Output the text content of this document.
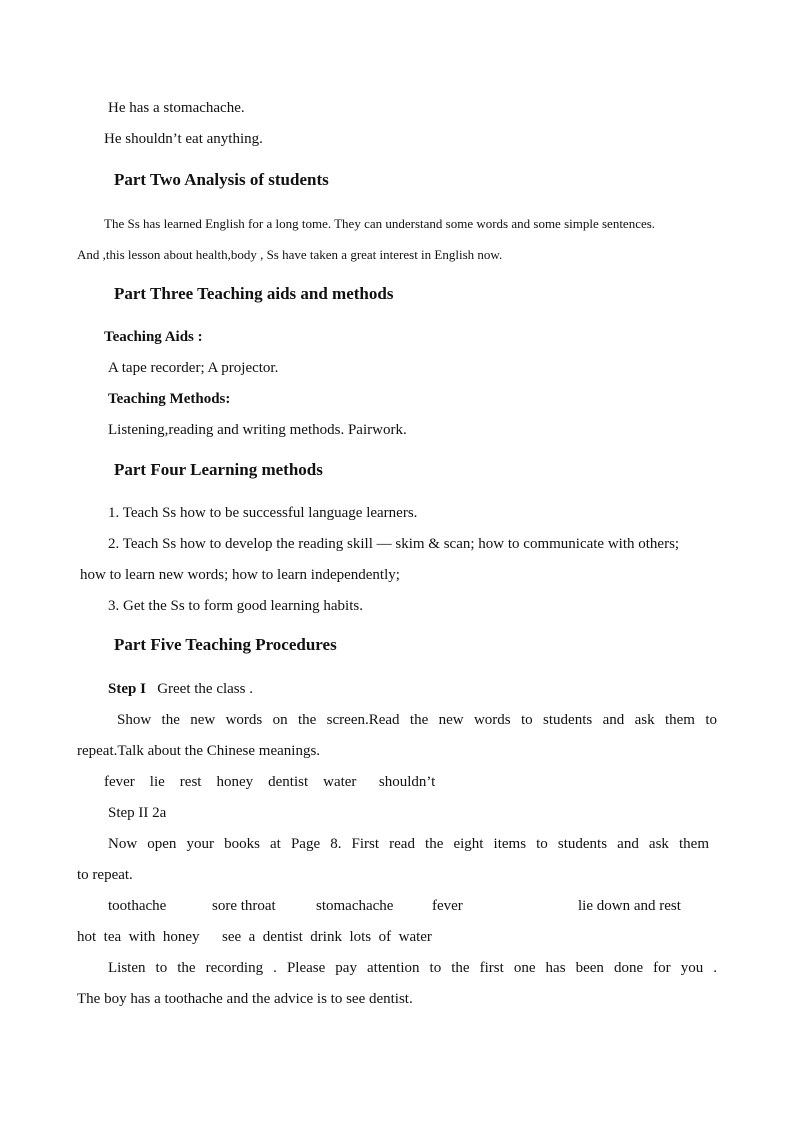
He has a stomachache.
He shouldn’t eat anything.
Part Two Analysis of students
The Ss has learned English for a long tome. They can understand some words and some simple sentences.
And ,this lesson about health,body , Ss have taken a great interest in English now.
Part Three Teaching aids and methods
Teaching Aids :
A tape recorder; A projector.
Teaching Methods:
Listening,reading and writing methods. Pairwork.
Part Four Learning methods
1. Teach Ss how to be successful language learners.
2. Teach Ss how to develop the reading skill — skim & scan; how to communicate with others;
how to learn new words; how to learn independently;
3. Get the Ss to form good learning habits.
Part Five Teaching Procedures
Step I Greet the class .
Show the new words on the screen.Read the new words to students and ask them to
repeat.Talk about the Chinese meanings.
fever    lie    rest    honey    dentist    water      shouldn’t
Step II 2a
Now open your books at Page 8. First read the eight items to students and ask them
to repeat.
toothache	sore throat	stomachache	fever	lie down and rest
hot  tea  with  honey      see  a  dentist  drink  lots  of  water
Listen to the recording . Please pay attention to the first one has been done for you .
The boy has a toothache and the advice is to see dentist.
